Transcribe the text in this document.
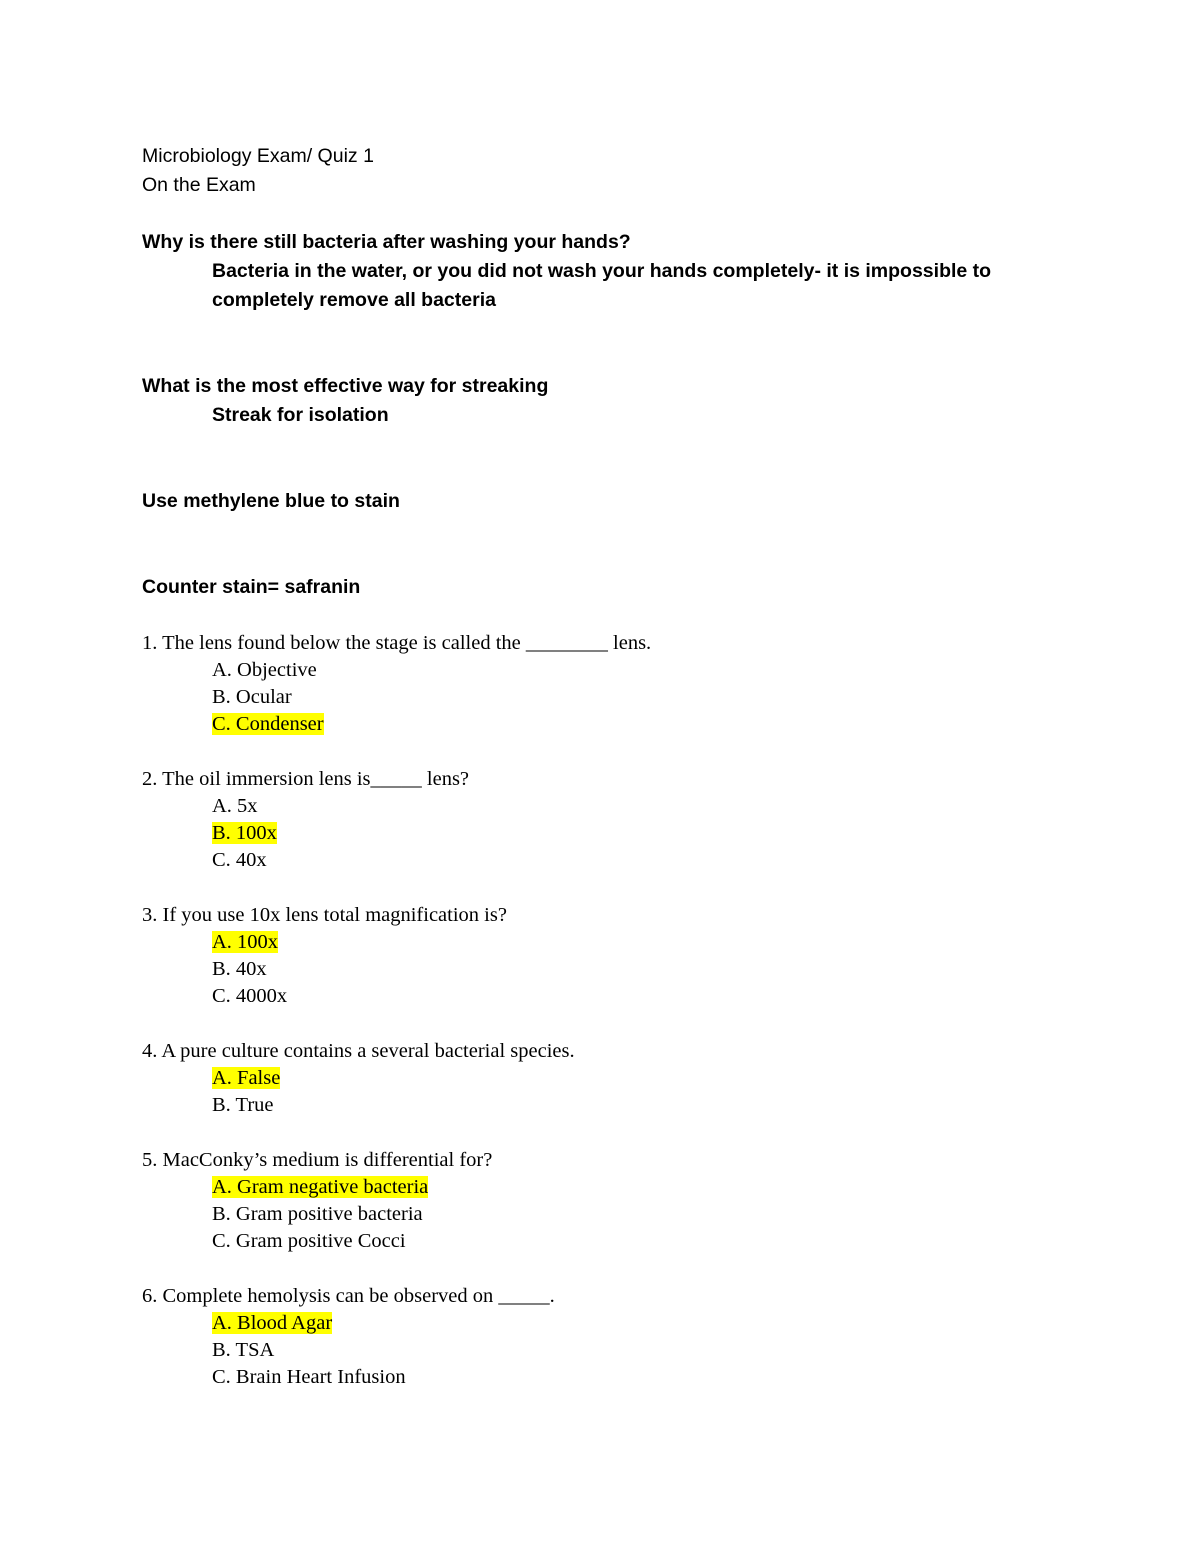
Microbiology Exam/ Quiz 1
On the Exam
Why is there still bacteria after washing your hands?
Bacteria in the water, or you did not wash your hands completely- it is impossible to completely remove all bacteria
What is the most effective way for streaking
Streak for isolation
Use methylene blue to stain
Counter stain= safranin
1. The lens found below the stage is called the ________ lens.
A. Objective
B. Ocular
C. Condenser
2. The oil immersion lens is_____ lens?
A. 5x
B. 100x
C. 40x
3. If you use 10x lens total magnification is?
A. 100x
B. 40x
C. 4000x
4. A pure culture contains a several bacterial species.
A. False
B. True
5. MacConky’s medium is differential for?
A. Gram negative bacteria
B. Gram positive bacteria
C. Gram positive Cocci
6. Complete hemolysis can be observed on _____.
A. Blood Agar
B. TSA
C. Brain Heart Infusion
